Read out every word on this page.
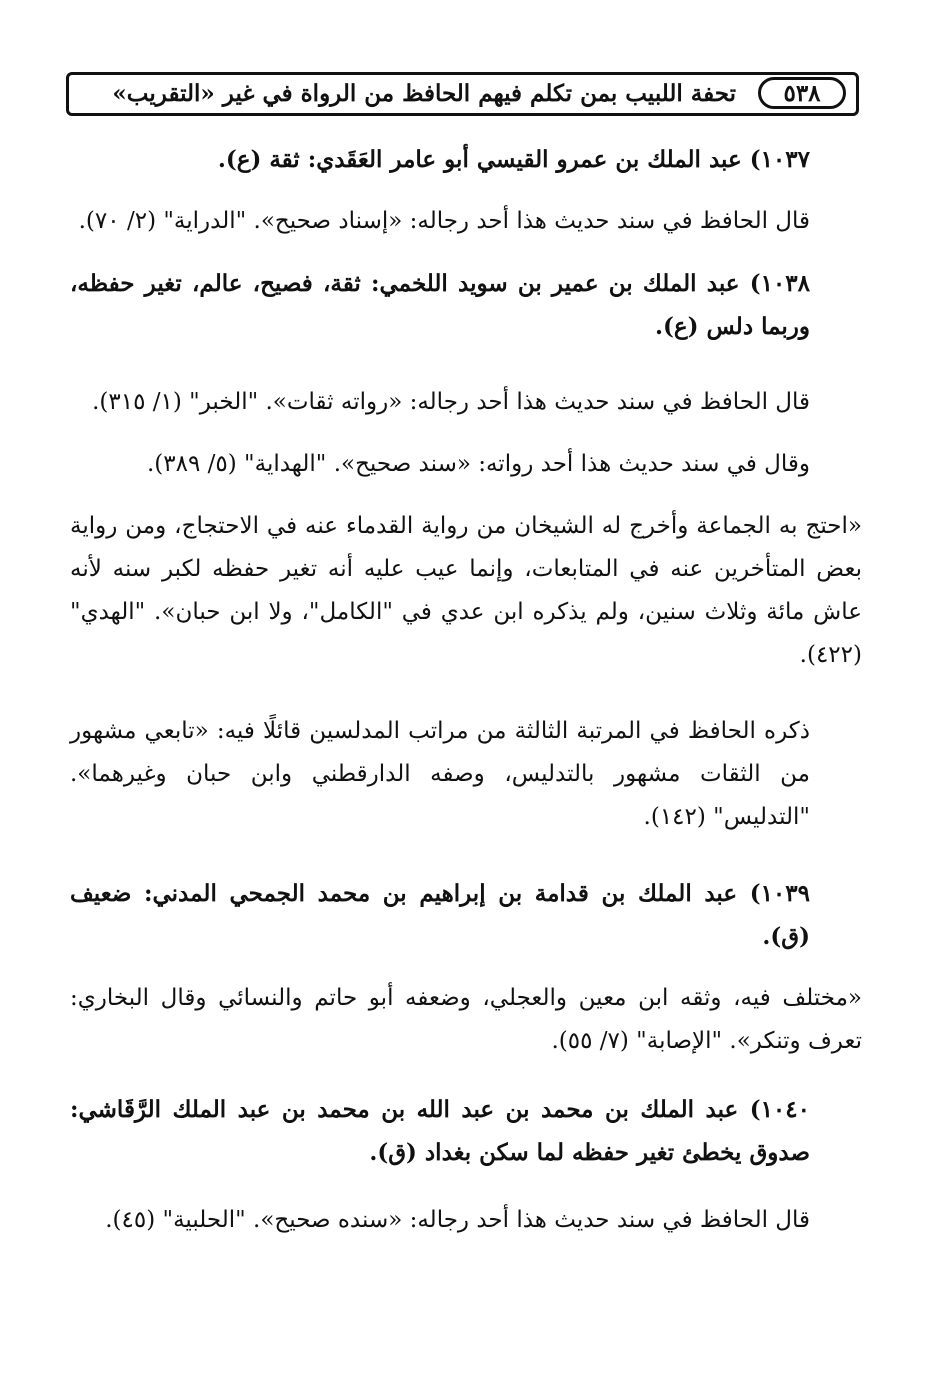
٥٣٨
تحفة اللبيب بمن تكلم فيهم الحافظ من الرواة في غير «التقريب»

١٠٣٧) عبد الملك بن عمرو القيسي أبو عامر العَقَدي: ثقة (ع).

قال الحافظ في سند حديث هذا أحد رجاله: «إسناد صحيح». "الدراية" (٢/ ٧٠).

١٠٣٨) عبد الملك بن عمير بن سويد اللخمي: ثقة، فصيح، عالم، تغير حفظه، وربما دلس (ع).

قال الحافظ في سند حديث هذا أحد رجاله: «رواته ثقات». "الخبر" (١/ ٣١٥).

وقال في سند حديث هذا أحد رواته: «سند صحيح». "الهداية" (٥/ ٣٨٩).

«احتج به الجماعة وأخرج له الشيخان من رواية القدماء عنه في الاحتجاج، ومن رواية بعض المتأخرين عنه في المتابعات، وإنما عيب عليه أنه تغير حفظه لكبر سنه لأنه عاش مائة وثلاث سنين، ولم يذكره ابن عدي في "الكامل"، ولا ابن حبان». "الهدي" (٤٢٢).

ذكره الحافظ في المرتبة الثالثة من مراتب المدلسين قائلًا فيه: «تابعي مشهور من الثقات مشهور بالتدليس، وصفه الدارقطني وابن حبان وغيرهما». "التدليس" (١٤٢).

١٠٣٩) عبد الملك بن قدامة بن إبراهيم بن محمد الجمحي المدني: ضعيف (ق).

«مختلف فيه، وثقه ابن معين والعجلي، وضعفه أبو حاتم والنسائي وقال البخاري: تعرف وتنكر». "الإصابة" (٧/ ٥٥).

١٠٤٠) عبد الملك بن محمد بن عبد الله بن محمد بن عبد الملك الرَّقَاشي: صدوق يخطئ تغير حفظه لما سكن بغداد (ق).

قال الحافظ في سند حديث هذا أحد رجاله: «سنده صحيح». "الحلبية" (٤٥).
